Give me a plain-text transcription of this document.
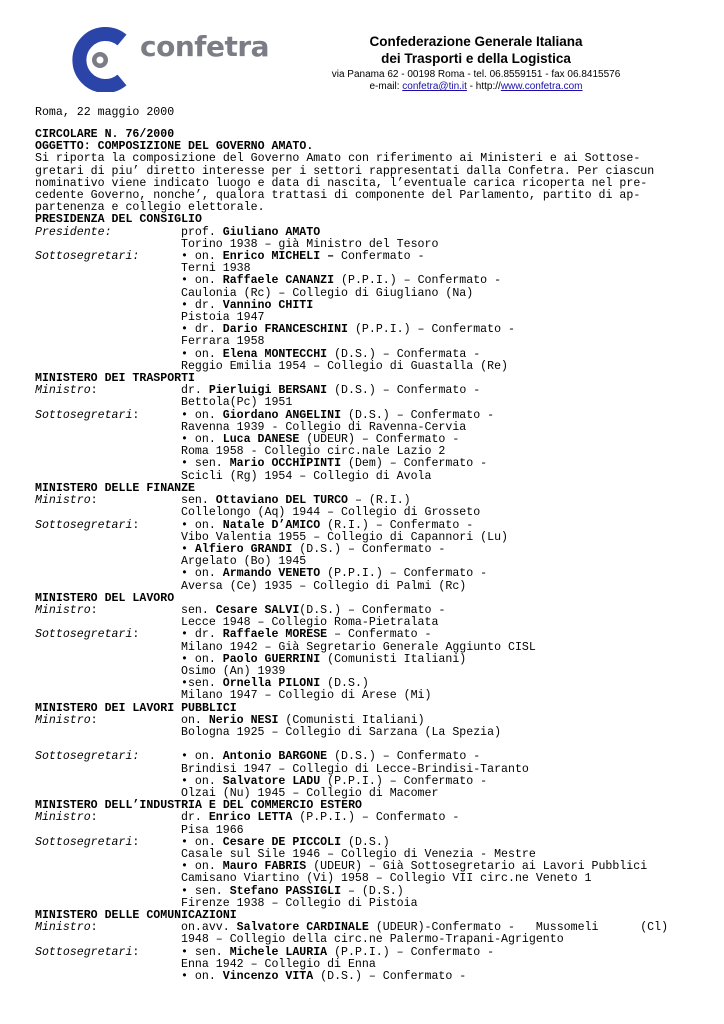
confetra	Confederazione Generale Italiana
dei Trasporti e della Logistica
via Panama 62 - 00198 Roma - tel. 06.8559151 - fax 06.8415576
e-mail: confetra@tin.it - http://www.confetra.com
Roma, 22 maggio 2000
CIRCOLARE N. 76/2000
OGGETTO: COMPOSIZIONE DEL GOVERNO AMATO.
Si riporta la composizione del Governo Amato con riferimento ai Ministeri e ai Sottose-
gretari di piu’ diretto interesse per i settori rappresentati dalla Confetra. Per ciascun
nominativo viene indicato luogo e data di nascita, l’eventuale carica ricoperta nel pre-
cedente Governo, nonche’, qualora trattasi di componente del Parlamento, partito di ap-
partenenza e collegio elettorale.
PRESIDENZA DEL CONSIGLIO
Presidente:	prof. Giuliano AMATO
Torino 1938 – già Ministro del Tesoro
Sottosegretari:	• on. Enrico MICHELI – Confermato -
Terni 1938
• on. Raffaele CANANZI (P.P.I.) – Confermato -
Caulonia (Rc) – Collegio di Giugliano (Na)
• dr. Vannino CHITI
Pistoia 1947
• dr. Dario FRANCESCHINI (P.P.I.) – Confermato -
Ferrara 1958
• on. Elena MONTECCHI (D.S.) – Confermata -
Reggio Emilia 1954 – Collegio di Guastalla (Re)
MINISTERO DEI TRASPORTI
Ministro:	dr. Pierluigi BERSANI (D.S.) – Confermato -
Bettola(Pc) 1951
Sottosegretari:	• on. Giordano ANGELINI (D.S.) – Confermato -
Ravenna 1939 - Collegio di Ravenna-Cervia
• on. Luca DANESE (UDEUR) – Confermato -
Roma 1958 - Collegio circ.nale Lazio 2
• sen. Mario OCCHIPINTI (Dem) – Confermato -
Scicli (Rg) 1954 – Collegio di Avola
MINISTERO DELLE FINANZE
Ministro:	sen. Ottaviano DEL TURCO – (R.I.)
Collelongo (Aq) 1944 – Collegio di Grosseto
Sottosegretari:	• on. Natale D’AMICO (R.I.) – Confermato -
Vibo Valentia 1955 – Collegio di Capannori (Lu)
• Alfiero GRANDI (D.S.) – Confermato -
Argelato (Bo) 1945
• on. Armando VENETO (P.P.I.) – Confermato -
Aversa (Ce) 1935 – Collegio di Palmi (Rc)
MINISTERO DEL LAVORO
Ministro:	sen. Cesare SALVI(D.S.) – Confermato -
Lecce 1948 – Collegio Roma-Pietralata
Sottosegretari:	• dr. Raffaele MORESE – Confermato -
Milano 1942 – Già Segretario Generale Aggiunto CISL
• on. Paolo GUERRINI (Comunisti Italiani)
Osimo (An) 1939
•sen. Ornella PILONI (D.S.)
Milano 1947 – Collegio di Arese (Mi)
MINISTERO DEI LAVORI PUBBLICI
Ministro:	on. Nerio NESI (Comunisti Italiani)
Bologna 1925 – Collegio di Sarzana (La Spezia)
Sottosegretari:	• on. Antonio BARGONE (D.S.) – Confermato -
Brindisi 1947 – Collegio di Lecce-Brindisi-Taranto
• on. Salvatore LADU (P.P.I.) – Confermato -
Olzai (Nu) 1945 – Collegio di Macomer
MINISTERO DELL’INDUSTRIA E DEL COMMERCIO ESTERO
Ministro:	dr. Enrico LETTA (P.P.I.) – Confermato -
Pisa 1966
Sottosegretari:	• on. Cesare DE PICCOLI (D.S.)
Casale sul Sile 1946 – Collegio di Venezia - Mestre
• on. Mauro FABRIS (UDEUR) – Già Sottosegretario ai Lavori Pubblici
Camisano Viartino (Vi) 1958 – Collegio VII circ.ne Veneto 1
• sen. Stefano PASSIGLI – (D.S.)
Firenze 1938 – Collegio di Pistoia
MINISTERO DELLE COMUNICAZIONI
Ministro:	on.avv. Salvatore CARDINALE (UDEUR)-Confermato -   Mussomeli      (Cl)
1948 – Collegio della circ.ne Palermo-Trapani-Agrigento
Sottosegretari:	• sen. Michele LAURIA (P.P.I.) – Confermato -
Enna 1942 – Collegio di Enna
• on. Vincenzo VITA (D.S.) – Confermato -
